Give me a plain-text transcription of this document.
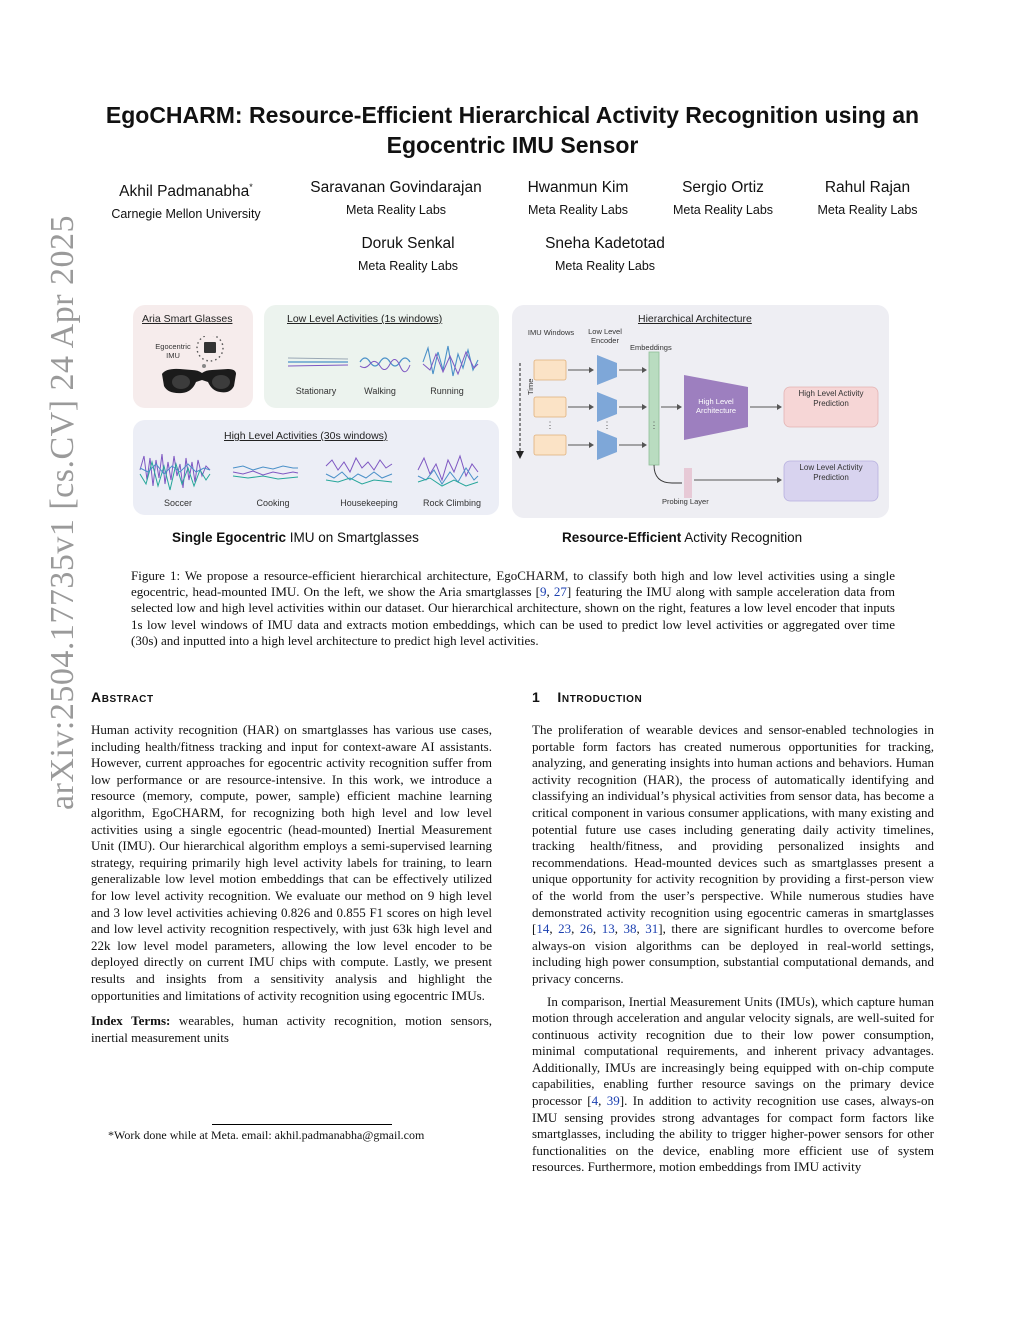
arXiv:2504.17735v1 [cs.CV] 24 Apr 2025
EgoCHARM: Resource-Efficient Hierarchical Activity Recognition using an Egocentric IMU Sensor
Akhil Padmanabha*
Carnegie Mellon University
Saravanan Govindarajan
Meta Reality Labs
Hwanmun Kim
Meta Reality Labs
Sergio Ortiz
Meta Reality Labs
Rahul Rajan
Meta Reality Labs
Doruk Senkal
Meta Reality Labs
Sneha Kadetotad
Meta Reality Labs
Aria Smart Glasses
Egocentric IMU
Low Level Activities (1s windows)
Stationary	Walking	Running
High Level Activities (30s windows)
Soccer	Cooking	Housekeeping	Rock Climbing
Hierarchical Architecture
IMU Windows	Low Level Encoder
Embeddings
⋮	⋮	⋮
Time
High Level Architecture
High Level Activity Prediction
Low Level Activity Prediction
Probing Layer
Single Egocentric IMU on Smartglasses	Resource-Efficient Activity Recognition
Figure 1: We propose a resource-efficient hierarchical architecture, EgoCHARM, to classify both high and low level activities using a single egocentric, head-mounted IMU. On the left, we show the Aria smartglasses [9, 27] featuring the IMU along with sample acceleration data from selected low and high level activities within our dataset. Our hierarchical architecture, shown on the right, features a low level encoder that inputs 1s low level windows of IMU data and extracts motion embeddings, which can be used to predict low level activities or aggregated over time (30s) and inputted into a high level architecture to predict high level activities.
Abstract

Human activity recognition (HAR) on smartglasses has various use cases, including health/fitness tracking and input for context-aware AI assistants. However, current approaches for egocentric activity recognition suffer from low performance or are resource-intensive. In this work, we introduce a resource (memory, compute, power, sample) efficient machine learning algorithm, EgoCHARM, for recognizing both high level and low level activities using a single egocentric (head-mounted) Inertial Measurement Unit (IMU). Our hierarchical algorithm employs a semi-supervised learning strategy, requiring primarily high level activity labels for training, to learn generalizable low level motion embeddings that can be effectively utilized for low level activity recognition. We evaluate our method on 9 high level and 3 low level activities achieving 0.826 and 0.855 F1 scores on high level and low level activity recognition respectively, with just 63k high level and 22k low level model parameters, allowing the low level encoder to be deployed directly on current IMU chips with compute. Lastly, we present results and insights from a sensitivity analysis and highlight the opportunities and limitations of activity recognition using egocentric IMUs.

Index Terms: wearables, human activity recognition, motion sensors, inertial measurement units

*Work done while at Meta. email: akhil.padmanabha@gmail.com
1 Introduction

The proliferation of wearable devices and sensor-enabled technologies in portable form factors has created numerous opportunities for tracking, analyzing, and generating insights into human actions and behaviors. Human activity recognition (HAR), the process of automatically identifying and classifying an individual’s physical activities from sensor data, has become a critical component in various consumer applications, with many existing and potential future use cases including generating daily activity timelines, tracking health/fitness, and providing personalized insights and recommendations. Head-mounted devices such as smartglasses present a unique opportunity for activity recognition by providing a first-person view of the world from the user’s perspective. While numerous studies have demonstrated activity recognition using egocentric cameras in smartglasses [14, 23, 26, 13, 38, 31], there are significant hurdles to overcome before always-on vision algorithms can be deployed in real-world settings, including high power consumption, substantial computational demands, and privacy concerns.

In comparison, Inertial Measurement Units (IMUs), which capture human motion through acceleration and angular velocity signals, are well-suited for continuous activity recognition due to their low power consumption, minimal computational requirements, and inherent privacy advantages. Additionally, IMUs are increasingly being equipped with on-chip compute capabilities, enabling further resource savings on the primary device processor [4, 39]. In addition to activity recognition use cases, always-on IMU sensing provides strong advantages for compact form factors like smartglasses, including the ability to trigger higher-power sensors for other functionalities on the device, enabling more efficient use of system resources. Furthermore, motion embeddings from IMU activity
